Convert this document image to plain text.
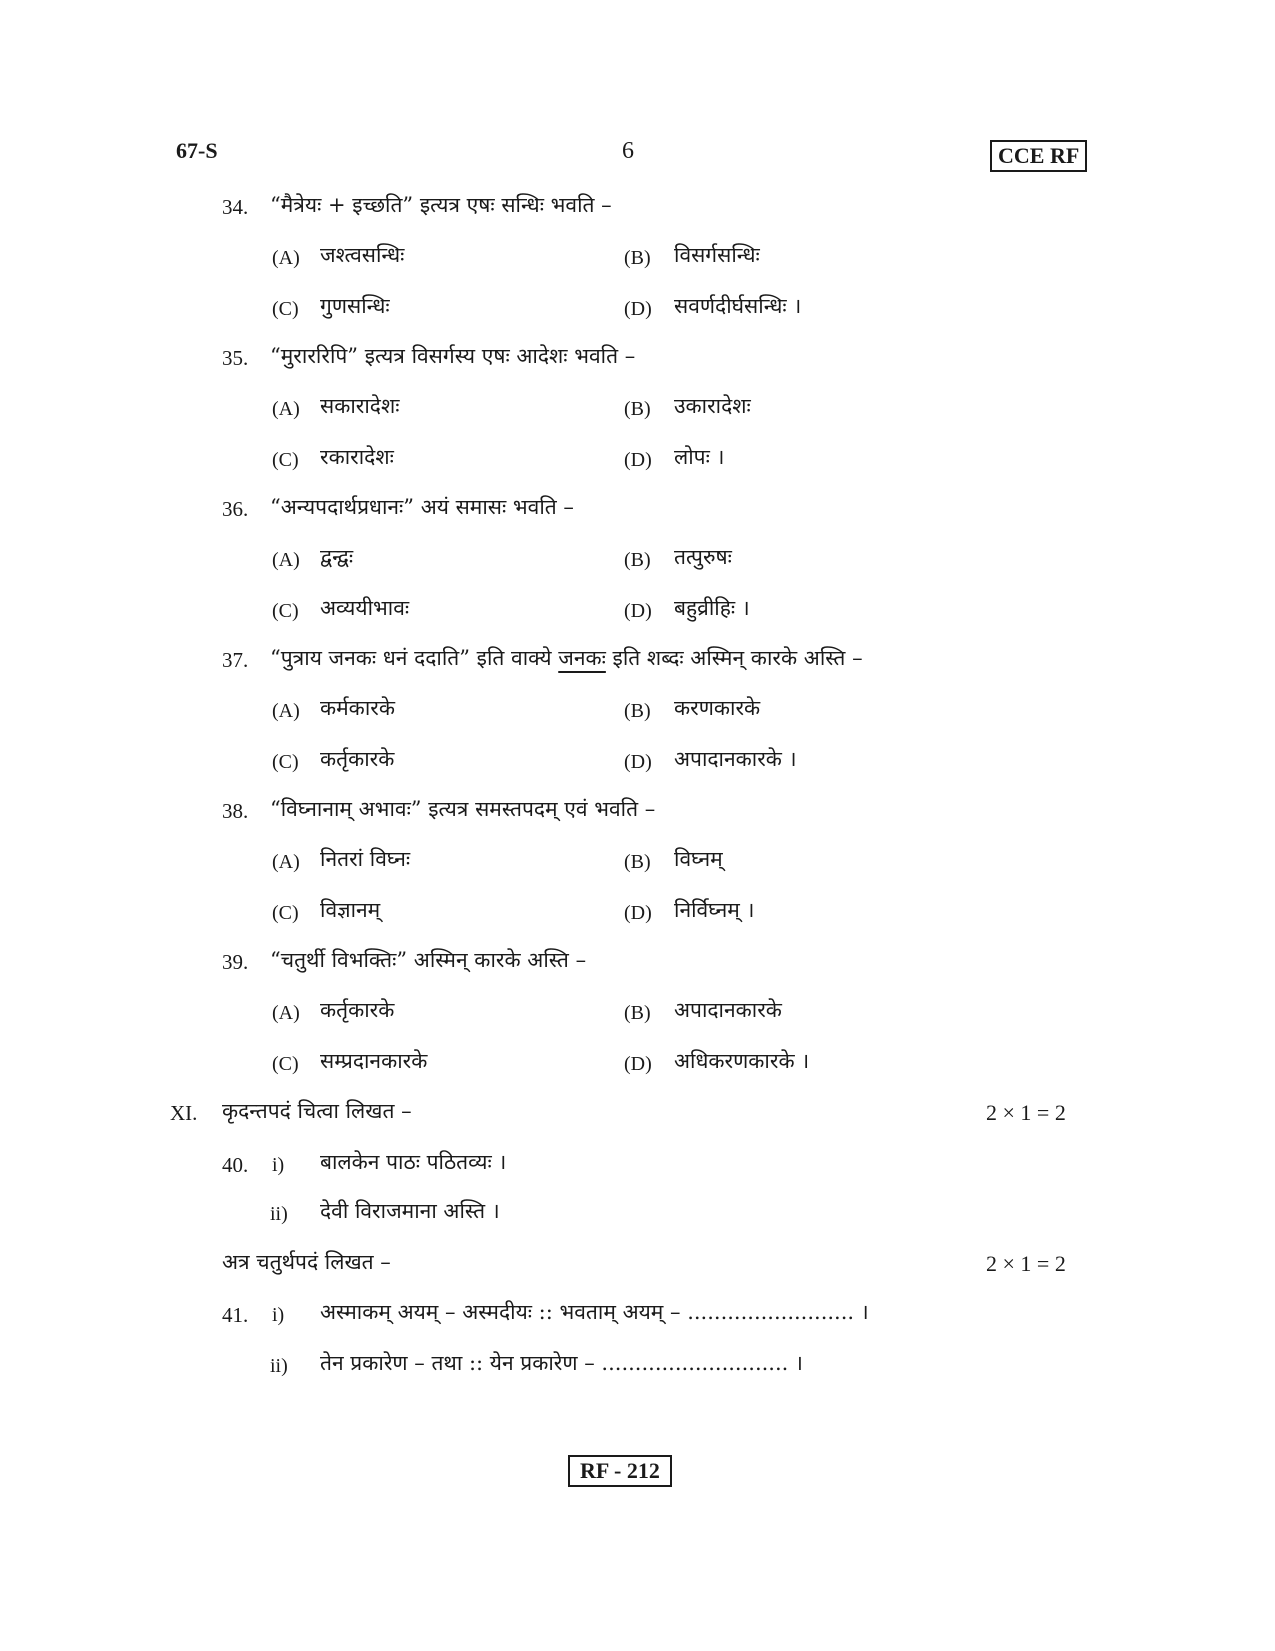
67-S	6	CCE RF
34. “मैत्रेयः + इच्छति” इत्यत्र एषः सन्धिः भवति –
(A) जश्त्वसन्धिः	(B) विसर्गसन्धिः
(C) गुणसन्धिः	(D) सवर्णदीर्घसन्धिः ।
35. “मुराररिपि” इत्यत्र विसर्गस्य एषः आदेशः भवति –
(A) सकारादेशः	(B) उकारादेशः
(C) रकारादेशः	(D) लोपः ।
36. “अन्यपदार्थप्रधानः” अयं समासः भवति –
(A) द्वन्द्वः	(B) तत्पुरुषः
(C) अव्ययीभावः	(D) बहुव्रीहिः ।
37. “पुत्राय जनकः धनं ददाति” इति वाक्ये जनकः इति शब्दः अस्मिन् कारके अस्ति –
(A) कर्मकारके	(B) करणकारके
(C) कर्तृकारके	(D) अपादानकारके ।
38. “विघ्नानाम् अभावः” इत्यत्र समस्तपदम् एवं भवति –
(A) नितरां विघ्नः	(B) विघ्नम्
(C) विज्ञानम्	(D) निर्विघ्नम् ।
39. “चतुर्थी विभक्तिः” अस्मिन् कारके अस्ति –
(A) कर्तृकारके	(B) अपादानकारके
(C) सम्प्रदानकारके	(D) अधिकरणकारके ।
XI. कृदन्तपदं चित्वा लिखत –	2 × 1 = 2
40. i) बालकेन पाठः पठितव्यः ।
ii) देवी विराजमाना अस्ति ।
अत्र चतुर्थपदं लिखत –	2 × 1 = 2
41. i) अस्माकम् अयम् – अस्मदीयः :: भवताम् अयम् – ......................... ।
ii) तेन प्रकारेण – तथा :: येन प्रकारेण – ............................ ।
RF - 212
